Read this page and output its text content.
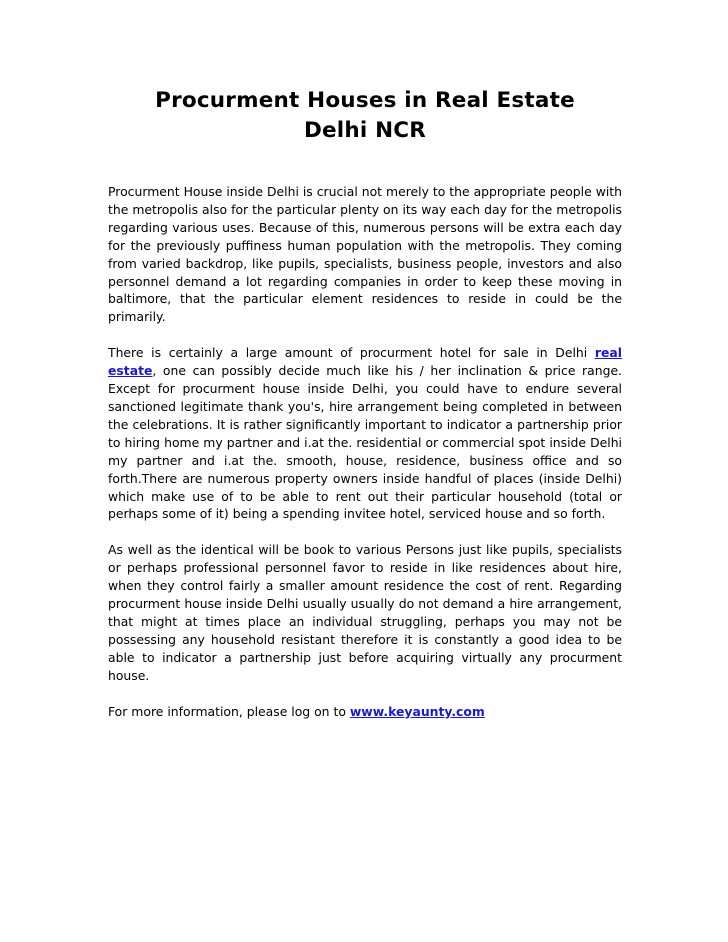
Procurment Houses in Real Estate
Delhi NCR

Procurment House inside Delhi is crucial not merely to the appropriate people with the metropolis also for the particular plenty on its way each day for the metropolis regarding various uses. Because of this, numerous persons will be extra each day for the previously puffiness human population with the metropolis. They coming from varied backdrop, like pupils, specialists, business people, investors and also personnel demand a lot regarding companies in order to keep these moving in baltimore, that the particular element residences to reside in could be the primarily.

There is certainly a large amount of procurment hotel for sale in Delhi real estate, one can possibly decide much like his / her inclination & price range. Except for procurment house inside Delhi, you could have to endure several sanctioned legitimate thank you's, hire arrangement being completed in between the celebrations. It is rather significantly important to indicator a partnership prior to hiring home my partner and i.at the. residential or commercial spot inside Delhi my partner and i.at the. smooth, house, residence, business office and so forth.There are numerous property owners inside handful of places (inside Delhi) which make use of to be able to rent out their particular household (total or perhaps some of it) being a spending invitee hotel, serviced house and so forth.

As well as the identical will be book to various Persons just like pupils, specialists or perhaps professional personnel favor to reside in like residences about hire, when they control fairly a smaller amount residence the cost of rent. Regarding procurment house inside Delhi usually usually do not demand a hire arrangement, that might at times place an individual struggling, perhaps you may not be possessing any household resistant therefore it is constantly a good idea to be able to indicator a partnership just before acquiring virtually any procurment house.

For more information, please log on to www.keyaunty.com
